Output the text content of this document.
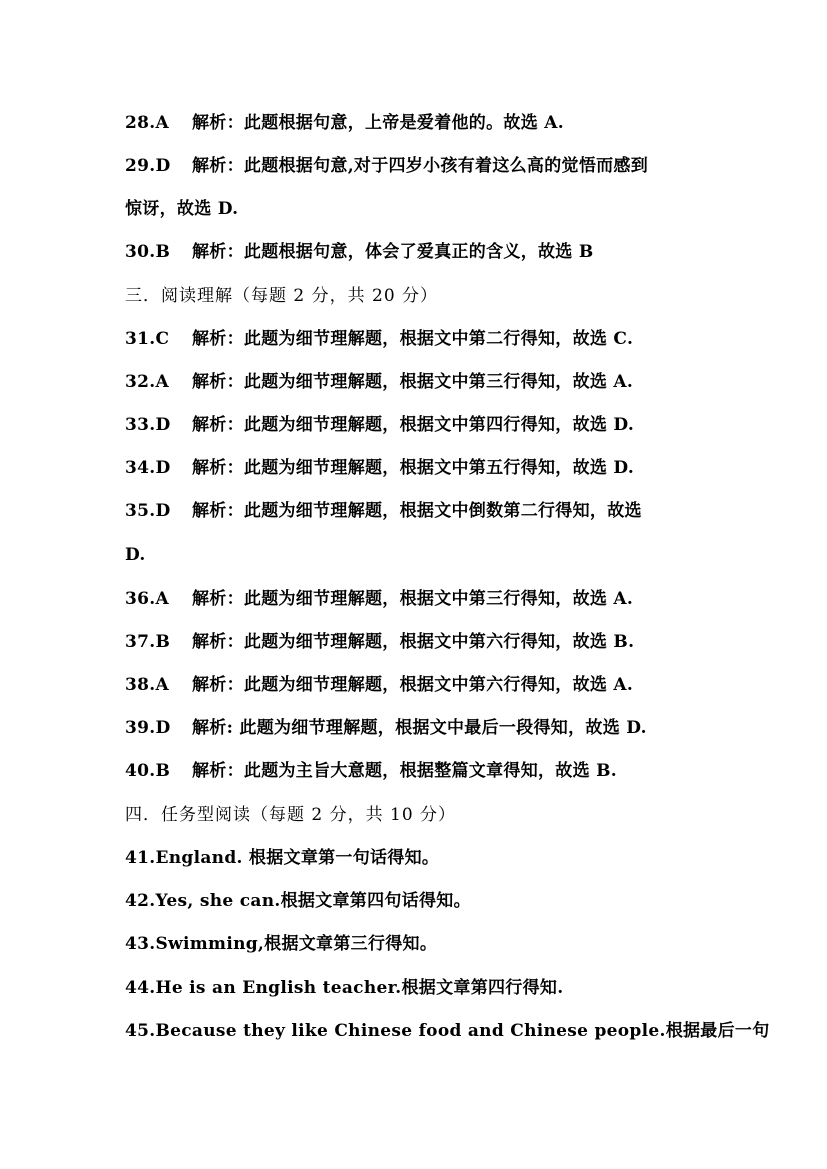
28.A 解析：此题根据句意，上帝是爱着他的。故选 A.
29.D 解析：此题根据句意,对于四岁小孩有着这么高的觉悟而感到
惊讶，故选 D.
30.B 解析：此题根据句意，体会了爱真正的含义，故选 B
三．阅读理解（每题 2 分，共 20 分）
31.C 解析：此题为细节理解题，根据文中第二行得知，故选 C.
32.A 解析：此题为细节理解题，根据文中第三行得知，故选 A.
33.D 解析：此题为细节理解题，根据文中第四行得知，故选 D.
34.D 解析：此题为细节理解题，根据文中第五行得知，故选 D.
35.D 解析：此题为细节理解题，根据文中倒数第二行得知，故选
D.
36.A 解析：此题为细节理解题，根据文中第三行得知，故选 A.
37.B 解析：此题为细节理解题，根据文中第六行得知，故选 B.
38.A 解析：此题为细节理解题，根据文中第六行得知，故选 A.
39.D 解析: 此题为细节理解题，根据文中最后一段得知，故选 D.
40.B 解析：此题为主旨大意题，根据整篇文章得知，故选 B.
四．任务型阅读（每题 2 分，共 10 分）
41.England. 根据文章第一句话得知。
42.Yes, she can.根据文章第四句话得知。
43.Swimming,根据文章第三行得知。
44.He is an English teacher.根据文章第四行得知.
45.Because they like Chinese food and Chinese people.根据最后一句
